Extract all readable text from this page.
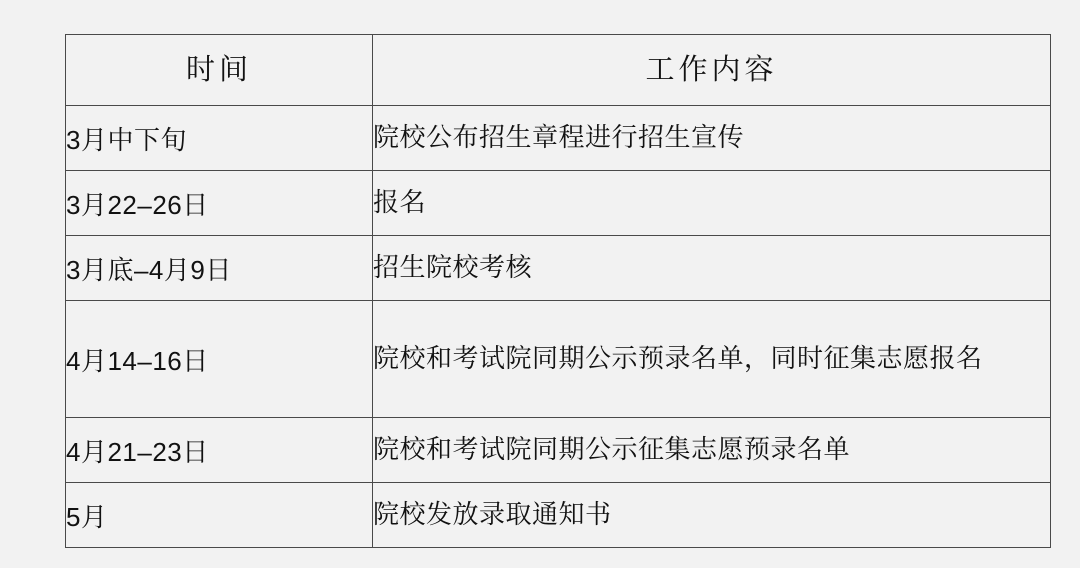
时间	工作内容
3月中下旬	院校公布招生章程进行招生宣传
3月22–26日	报名
3月底–4月9日	招生院校考核
4月14–16日	院校和考试院同期公示预录名单，同时征集志愿报名
4月21–23日	院校和考试院同期公示征集志愿预录名单
5月	院校发放录取通知书
